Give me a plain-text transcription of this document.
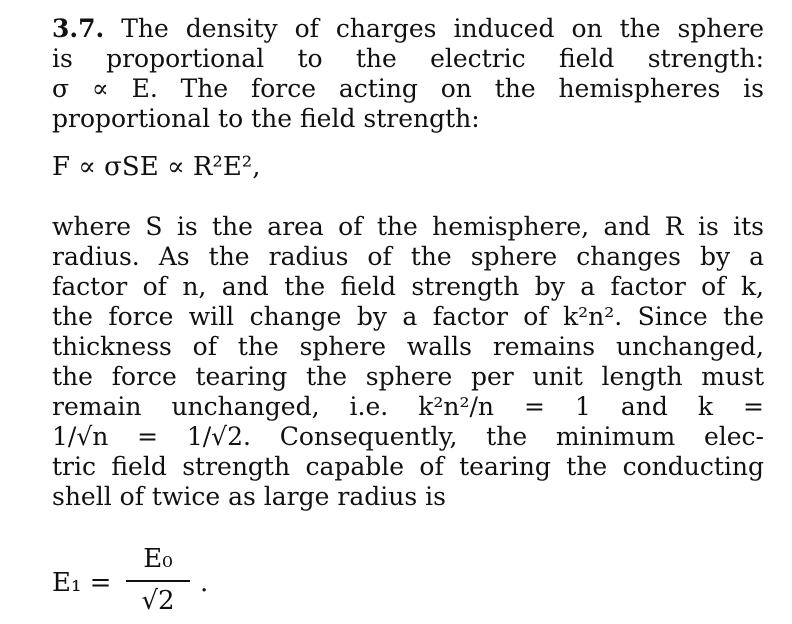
3.7. The density of charges induced on the sphere
is proportional to the electric field strength:
σ ∝ E. The force acting on the hemispheres is
proportional to the field strength:
F ∝ σSE ∝ R²E²,
where S is the area of the hemisphere, and R is its
radius. As the radius of the sphere changes by a
factor of n, and the field strength by a factor of k,
the force will change by a factor of k²n². Since the
thickness of the sphere walls remains unchanged,
the force tearing the sphere per unit length must
remain unchanged, i.e. k²n²/n = 1 and k =
1/√n = 1/√2. Consequently, the minimum elec-
tric field strength capable of tearing the conducting
shell of twice as large radius is
E₁ =
E₀
√2
.
